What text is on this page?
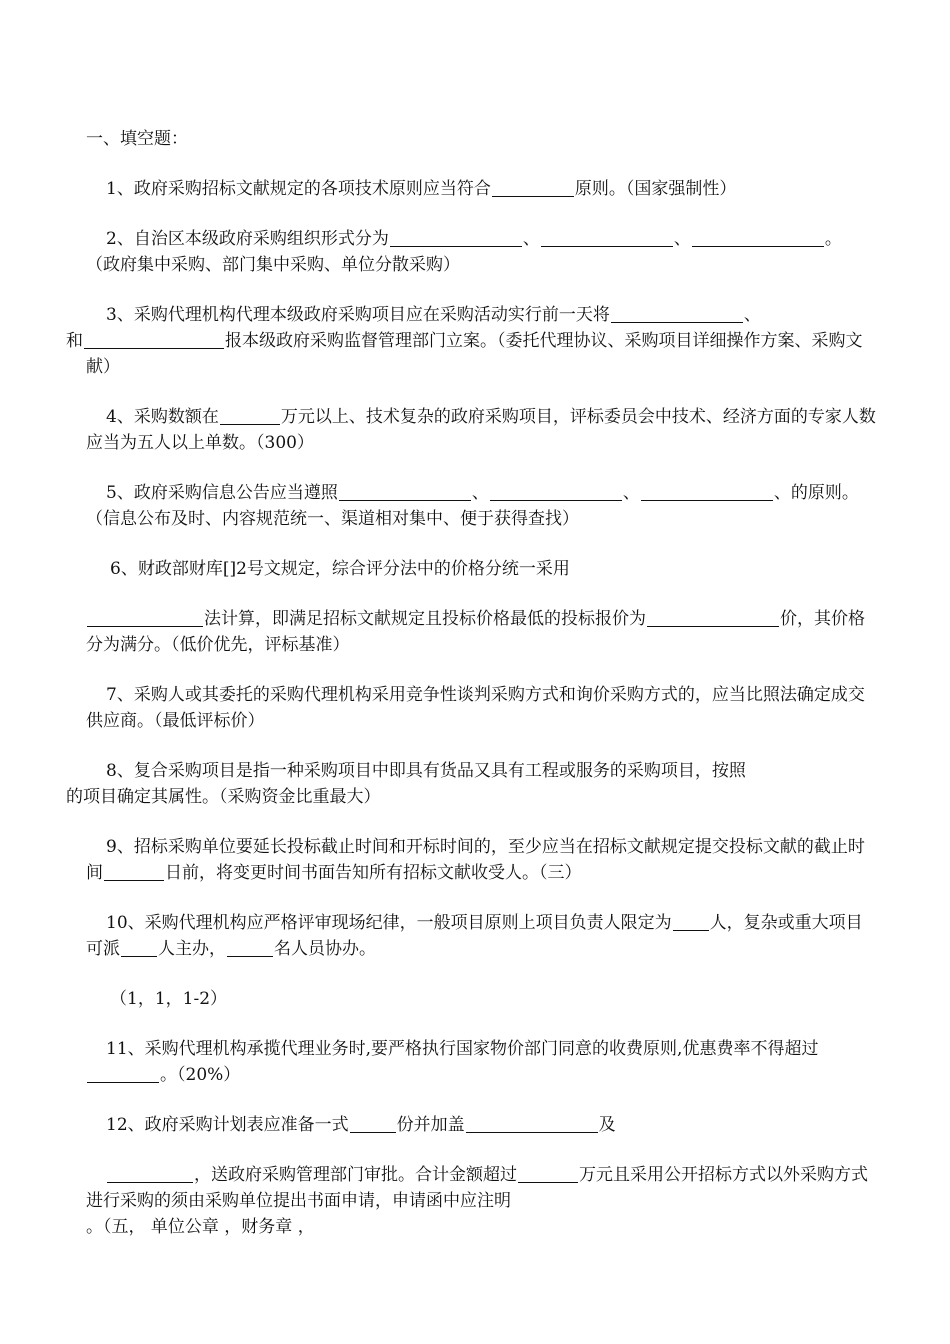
一、填空题：

1、政府采购招标文献规定的各项技术原则应当符合	原则。（国家强制性）

2、自治区本级政府采购组织形式分为	、	、	。
（政府集中采购、部门集中采购、单位分散采购）

3、采购代理机构代理本级政府采购项目应在采购活动实行前一天将	、
和	报本级政府采购监督管理部门立案。（委托代理协议、采购项目详细操作方案、采购文献）

4、采购数额在	万元以上、技术复杂的政府采购项目，评标委员会中技术、经济方面的专家人数应当为五人以上单数。（300）

5、政府采购信息公告应当遵照	、	、	、的原则。（信息公布及时、内容规范统一、渠道相对集中、便于获得查找）

6、财政部财库[]2号文规定，综合评分法中的价格分统一采用

法计算，即满足招标文献规定且投标价格最低的投标报价为	价，其价格分为满分。（低价优先，评标基准）

7、采购人或其委托的采购代理机构采用竞争性谈判采购方式和询价采购方式的，应当比照法确定成交供应商。（最低评标价）

8、复合采购项目是指一种采购项目中即具有货品又具有工程或服务的采购项目，按照
的项目确定其属性。（采购资金比重最大）

9、招标采购单位要延长投标截止时间和开标时间的，至少应当在招标文献规定提交投标文献的截止时间	日前，将变更时间书面告知所有招标文献收受人。（三）

10、采购代理机构应严格评审现场纪律，一般项目原则上项目负责人限定为 人，复杂或重大项目可派 人主办，	名人员协办。

（1，1，1-2）

11、采购代理机构承揽代理业务时,要严格执行国家物价部门同意的收费原则,优惠费率不得超过 。（20%）

12、政府采购计划表应准备一式	份并加盖	及

，送政府采购管理部门审批。合计金额超过	万元且采用公开招标方式以外采购方式进行采购的须由采购单位提出书面申请，申请函中应注明
。（五， 单位公章 ，财务章 ，
